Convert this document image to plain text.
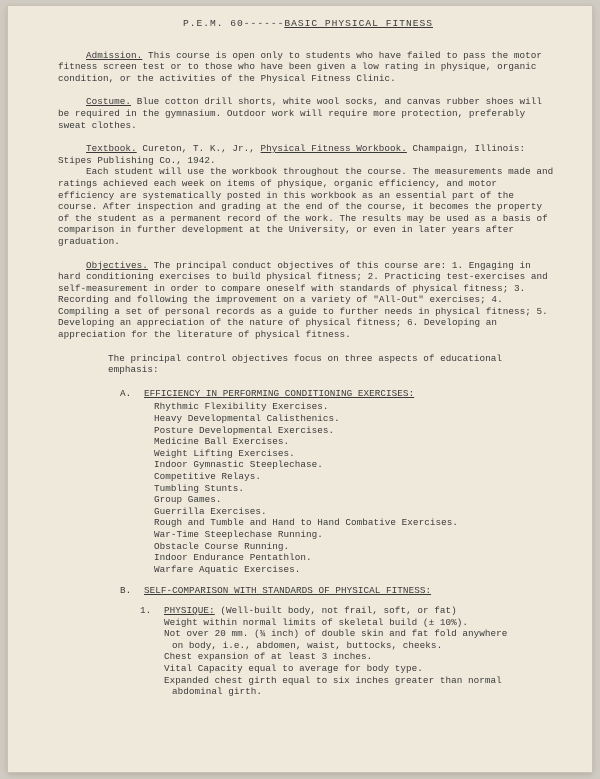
P.E.M. 60------BASIC PHYSICAL FITNESS

Admission. This course is open only to students who have failed to pass the motor fitness screen test or to those who have been given a low rating in physique, organic condition, or the activities of the Physical Fitness Clinic.

Costume. Blue cotton drill shorts, white wool socks, and canvas rubber shoes will be required in the gymnasium. Outdoor work will require more protection, preferably sweat clothes.

Textbook. Cureton, T. K., Jr., Physical Fitness Workbook. Champaign, Illinois: Stipes Publishing Co., 1942.

Each student will use the workbook throughout the course. The measurements made and ratings achieved each week on items of physique, organic efficiency, and motor efficiency are systematically posted in this workbook as an essential part of the course. After inspection and grading at the end of the course, it becomes the property of the student as a permanent record of the work. The results may be used as a basis of comparison in further development at the University, or even in later years after graduation.

Objectives. The principal conduct objectives of this course are: 1. Engaging in hard conditioning exercises to build physical fitness; 2. Practicing test-exercises and self-measurement in order to compare oneself with standards of physical fitness; 3. Recording and following the improvement on a variety of "All-Out" exercises; 4. Compiling a set of personal records as a guide to further needs in physical fitness; 5. Developing an appreciation of the nature of physical fitness; 6. Developing an appreciation for the literature of physical fitness.

The principal control objectives focus on three aspects of educational emphasis:

A. EFFICIENCY IN PERFORMING CONDITIONING EXERCISES:
Rhythmic Flexibility Exercises.
Heavy Developmental Calisthenics.
Posture Developmental Exercises.
Medicine Ball Exercises.
Weight Lifting Exercises.
Indoor Gymnastic Steeplechase.
Competitive Relays.
Tumbling Stunts.
Group Games.
Guerrilla Exercises.
Rough and Tumble and Hand to Hand Combative Exercises.
War-Time Steeplechase Running.
Obstacle Course Running.
Indoor Endurance Pentathlon.
Warfare Aquatic Exercises.
B. SELF-COMPARISON WITH STANDARDS OF PHYSICAL FITNESS:
1. PHYSIQUE: (Well-built body, not frail, soft, or fat)
Weight within normal limits of skeletal build (± 10%).
Not over 20 mm. (¾ inch) of double skin and fat fold anywhere
on body, i.e., abdomen, waist, buttocks, cheeks.
Chest expansion of at least 3 inches.
Vital Capacity equal to average for body type.
Expanded chest girth equal to six inches greater than normal
abdominal girth.
